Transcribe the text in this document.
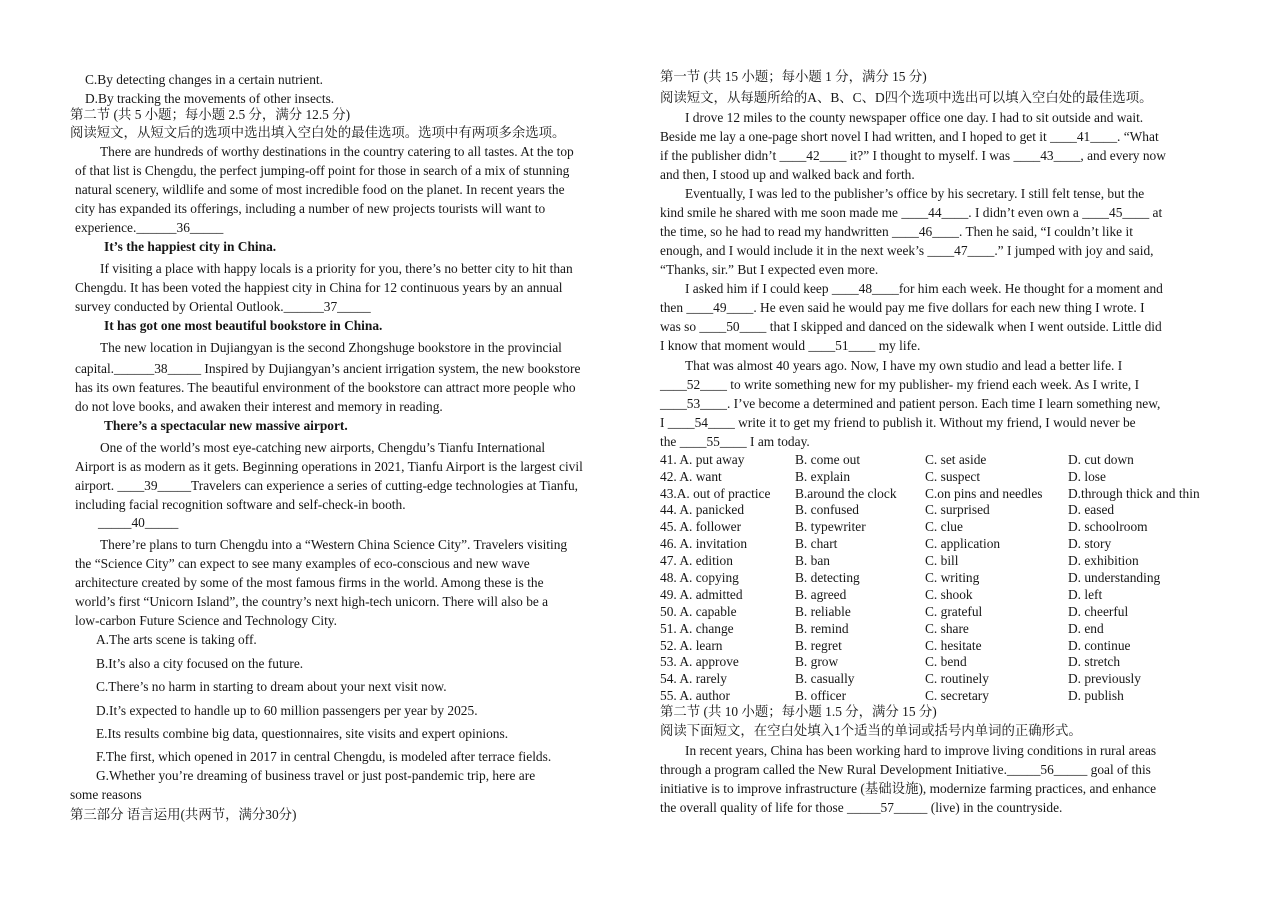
C.By detecting changes in a certain nutrient.
D.By tracking the movements of other insects.
第二节 (共 5 小题；每小题 2.5 分，满分 12.5 分)
阅读短文，从短文后的选项中选出填入空白处的最佳选项。选项中有两项多余选项。
There are hundreds of worthy destinations in the country catering to all tastes. At the top
of that list is Chengdu, the perfect jumping-off point for those in search of a mix of stunning
natural scenery, wildlife and some of most incredible food on the planet. In recent years the
city has expanded its offerings, including a number of new projects tourists will want to
experience.______36_____
It’s the happiest city in China.
If visiting a place with happy locals is a priority for you, there’s no better city to hit than
Chengdu. It has been voted the happiest city in China for 12 continuous years by an annual
survey conducted by Oriental Outlook.______37_____
It has got one most beautiful bookstore in China.
The new location in Dujiangyan is the second Zhongshuge bookstore in the provincial
capital.______38_____ Inspired by Dujiangyan’s ancient irrigation system, the new bookstore
has its own features. The beautiful environment of the bookstore can attract more people who
do not love books, and awaken their interest and memory in reading.
There’s a spectacular new massive airport.
One of the world’s most eye-catching new airports, Chengdu’s Tianfu International
Airport is as modern as it gets. Beginning operations in 2021, Tianfu Airport is the largest civil
airport. ____39_____Travelers can experience a series of cutting-edge technologies at Tianfu,
including facial recognition software and self-check-in booth.
_____40_____
There’re plans to turn Chengdu into a “Western China Science City”. Travelers visiting
the “Science City” can expect to see many examples of eco-conscious and new wave
architecture created by some of the most famous firms in the world. Among these is the
world’s first “Unicorn Island”, the country’s next high-tech unicorn. There will also be a
low-carbon Future Science and Technology City.
A.The arts scene is taking off.
B.It’s also a city focused on the future.
C.There’s no harm in starting to dream about your next visit now.
D.It’s expected to handle up to 60 million passengers per year by 2025.
E.Its results combine big data, questionnaires, site visits and expert opinions.
F.The first, which opened in 2017 in central Chengdu, is modeled after terrace fields.
G.Whether you’re dreaming of business travel or just post-pandemic trip, here are
some reasons
第三部分 语言运用(共两节，满分30分)
第一节 (共 15 小题；每小题 1 分，满分 15 分)
阅读短文，从每题所给的A、B、C、D四个选项中选出可以填入空白处的最佳选项。
I drove 12 miles to the county newspaper office one day. I had to sit outside and wait.
Beside me lay a one-page short novel I had written, and I hoped to get it ____41____. “What
if the publisher didn’t ____42____ it?” I thought to myself. I was ____43____, and every now
and then, I stood up and walked back and forth.
Eventually, I was led to the publisher’s office by his secretary. I still felt tense, but the
kind smile he shared with me soon made me ____44____. I didn’t even own a ____45____ at
the time, so he had to read my handwritten ____46____. Then he said, “I couldn’t like it
enough, and I would include it in the next week’s ____47____.” I jumped with joy and said,
“Thanks, sir.” But I expected even more.
I asked him if I could keep ____48____for him each week. He thought for a moment and
then ____49____. He even said he would pay me five dollars for each new thing I wrote. I
was so ____50____ that I skipped and danced on the sidewalk when I went outside. Little did
I know that moment would ____51____ my life.
That was almost 40 years ago. Now, I have my own studio and lead a better life. I
____52____ to write something new for my publisher- my friend each week. As I write, I
____53____. I’ve become a determined and patient person. Each time I learn something new,
I ____54____ write it to get my friend to publish it. Without my friend, I would never be
the ____55____ I am today.
41. A. put away	B. come out	C. set aside	D. cut down
42. A. want	B. explain	C. suspect	D. lose
43.A. out of practice B.around the clock C.on pins and needles D.through thick and thin
44. A. panicked	B. confused	C. surprised	D. eased
45. A. follower	B. typewriter	C. clue	D. schoolroom
46. A. invitation	B. chart	C. application	D. story
47. A. edition	B. ban	C. bill	D. exhibition
48. A. copying	B. detecting	C. writing	D. understanding
49. A. admitted	B. agreed	C. shook	D. left
50. A. capable	B. reliable	C. grateful	D. cheerful
51. A. change	B. remind	C. share	D. end
52. A. learn	B. regret	C. hesitate	D. continue
53. A. approve	B. grow	C. bend	D. stretch
54. A. rarely	B. casually	C. routinely	D. previously
55. A. author	B. officer	C. secretary	D. publish
第二节 (共 10 小题；每小题 1.5 分，满分 15 分)
阅读下面短文，在空白处填入1个适当的单词或括号内单词的正确形式。
In recent years, China has been working hard to improve living conditions in rural areas
through a program called the New Rural Development Initiative._____56_____ goal of this
initiative is to improve infrastructure (基础设施), modernize farming practices, and enhance
the overall quality of life for those _____57_____ (live) in the countryside.
